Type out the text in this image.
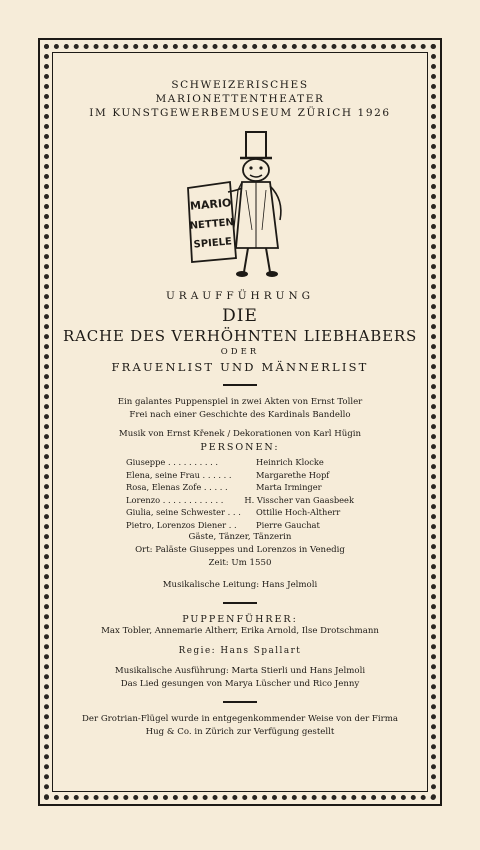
SCHWEIZERISCHES
MARIONETTENTHEATER
IM KUNSTGEWERBEMUSEUM ZÜRICH 1926
MARIO
NETTEN
SPIELE
URAUFFÜHRUNG
DIE
RACHE DES VERHÖHNTEN LIEBHABERS
ODER
FRAUENLIST UND MÄNNERLIST
Ein galantes Puppenspiel in zwei Akten von Ernst Toller
Frei nach einer Geschichte des Kardinals Bandello
Musik von Ernst Křenek / Dekorationen von Karl Hügin
PERSONEN:
Giuseppe . . . . . . . . . .	Heinrich Klocke
Elena, seine Frau . . . . . .	Margarethe Hopf
Rosa, Elenas Zofe . . . . .	Marta Irminger
Lorenzo . . . . . . . . . . . .	H. Visscher van Gaasbeek
Giulia, seine Schwester . . .	Ottilie Hoch-Altherr
Pietro, Lorenzos Diener . .	Pierre Gauchat
Gäste, Tänzer, Tänzerin
Ort: Paläste Giuseppes und Lorenzos in Venedig
Zeit: Um 1550
Musikalische Leitung: Hans Jelmoli
PUPPENFÜHRER:
Max Tobler, Annemarie Altherr, Erika Arnold, Ilse Drotschmann
Regie: Hans Spallart
Musikalische Ausführung: Marta Stierli und Hans Jelmoli
Das Lied gesungen von Marya Lüscher und Rico Jenny
Der Grotrian-Flügel wurde in entgegenkommender Weise von der Firma
Hug & Co. in Zürich zur Verfügung gestellt
